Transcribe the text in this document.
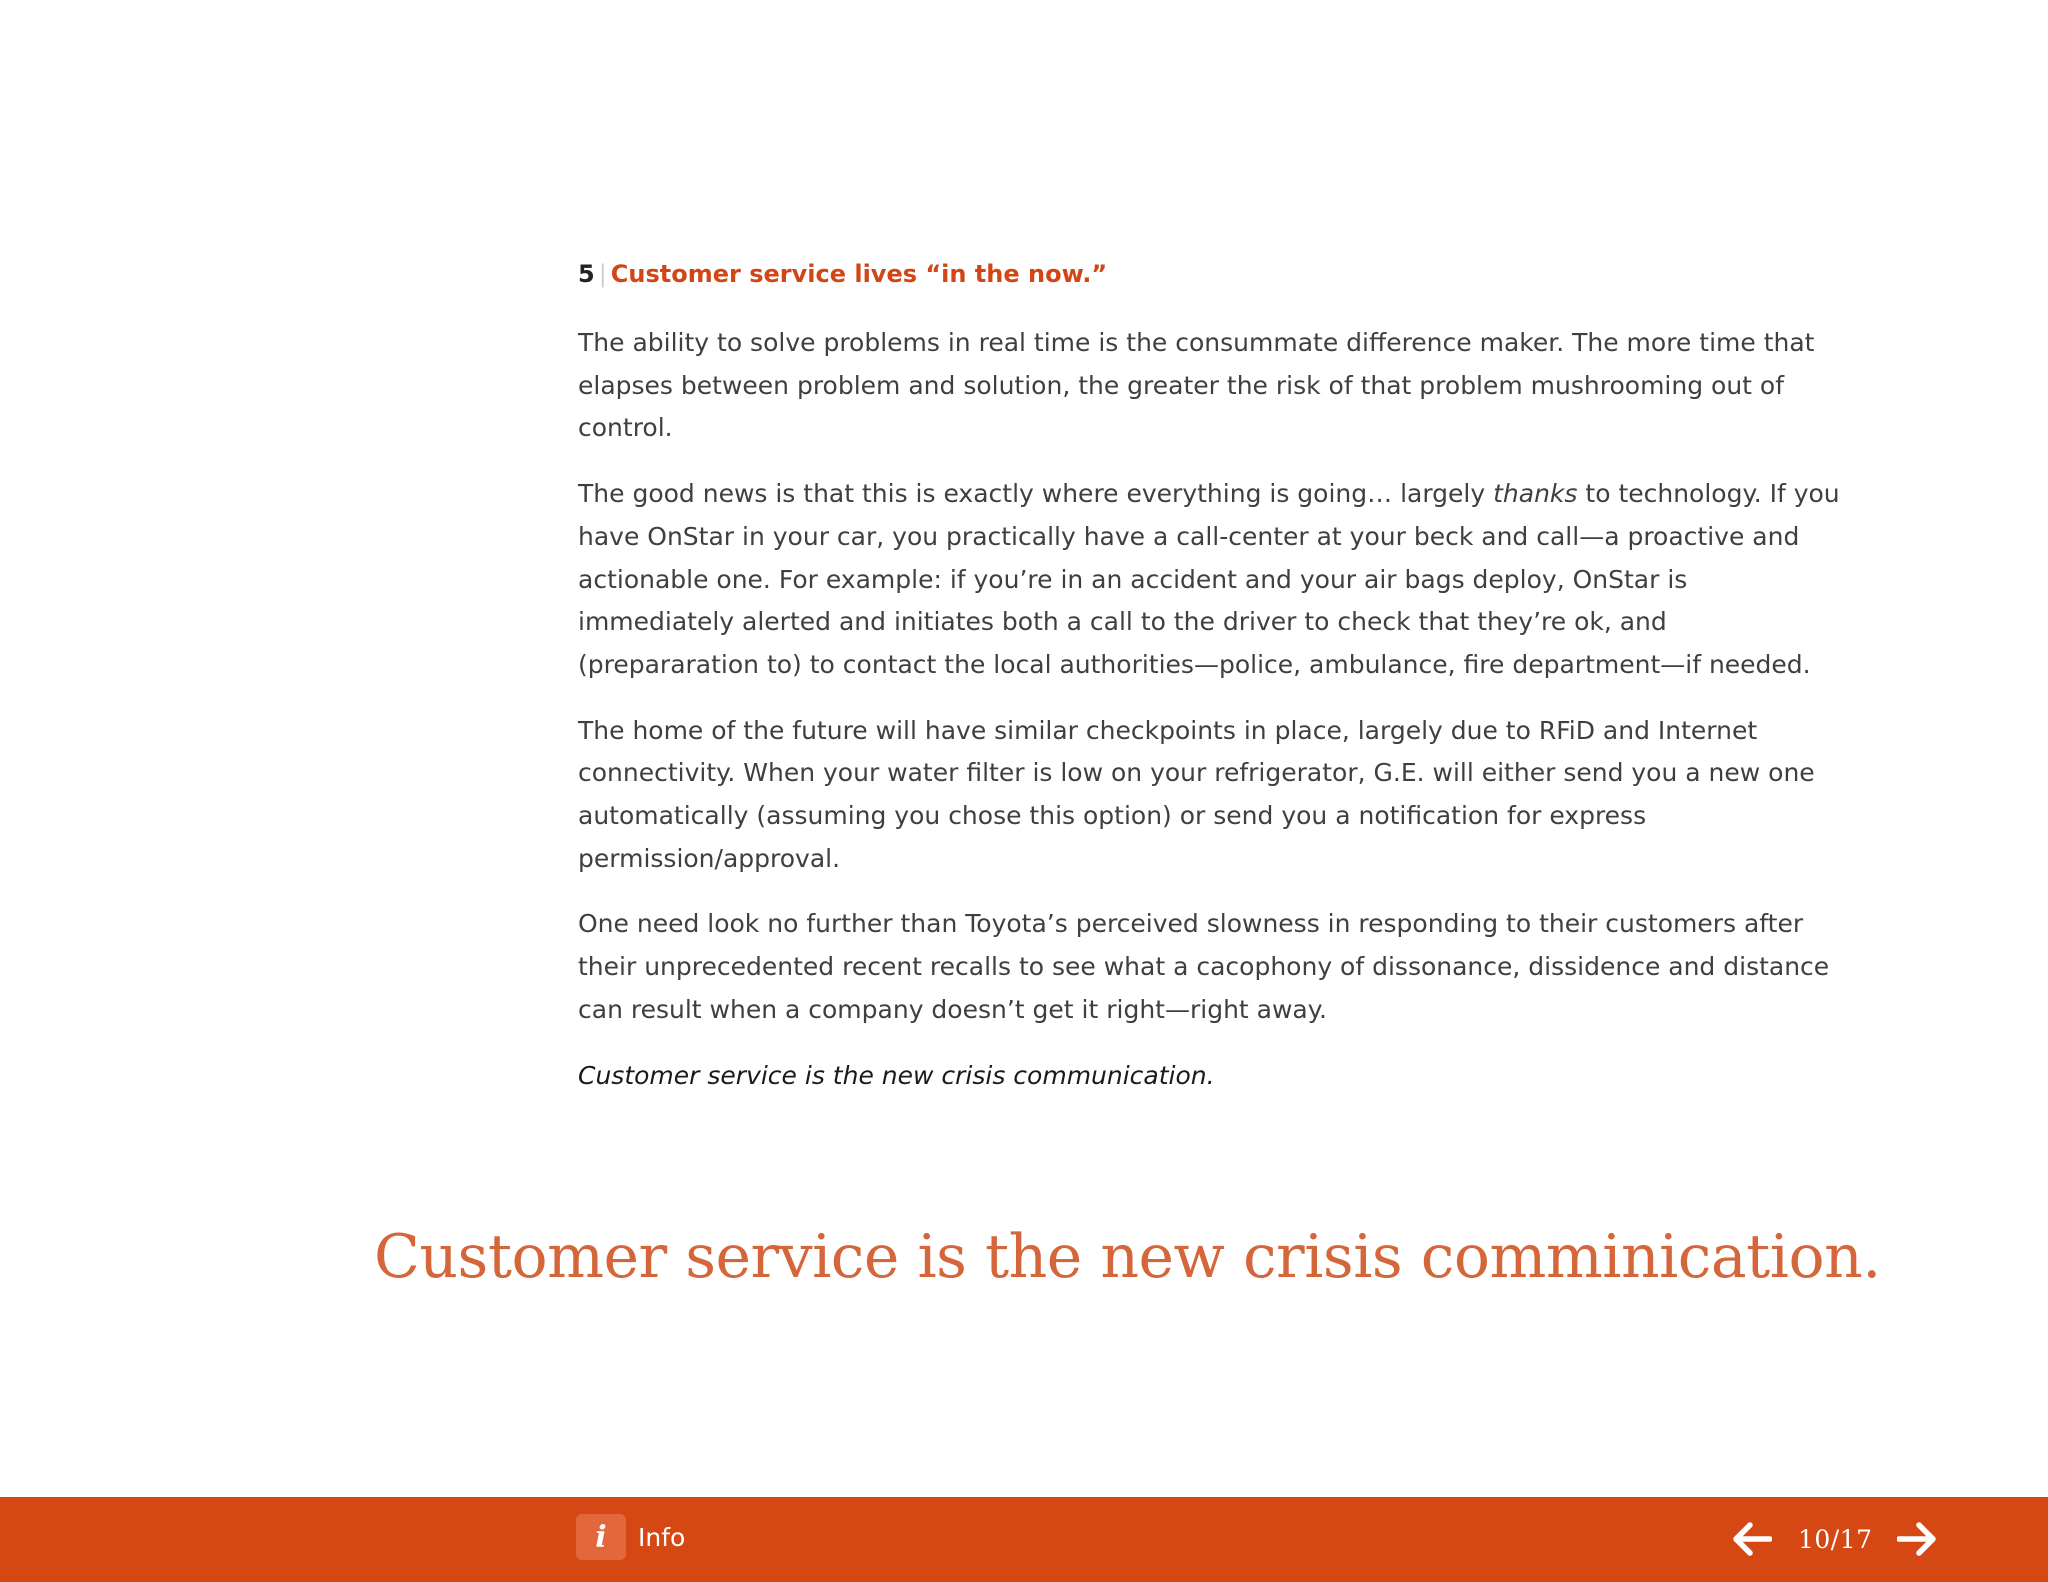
5 | Customer service lives “in the now.”

The ability to solve problems in real time is the consummate difference maker. The more time that elapses between problem and solution, the greater the risk of that problem mushrooming out of control.

The good news is that this is exactly where everything is going… largely thanks to technology. If you have OnStar in your car, you practically have a call-center at your beck and call—a proactive and actionable one. For example: if you’re in an accident and your air bags deploy, OnStar is immediately alerted and initiates both a call to the driver to check that they’re ok, and (prepararation to) to contact the local authorities—police, ambulance, fire department—if needed.

The home of the future will have similar checkpoints in place, largely due to RFiD and Internet connectivity. When your water filter is low on your refrigerator, G.E. will either send you a new one automatically (assuming you chose this option) or send you a notification for express permission/approval.

One need look no further than Toyota’s perceived slowness in responding to their customers after their unprecedented recent recalls to see what a cacophony of dissonance, dissidence and distance can result when a company doesn’t get it right—right away.

Customer service is the new crisis communication.

Customer service is the new crisis comminication.
i	Info	10/17
